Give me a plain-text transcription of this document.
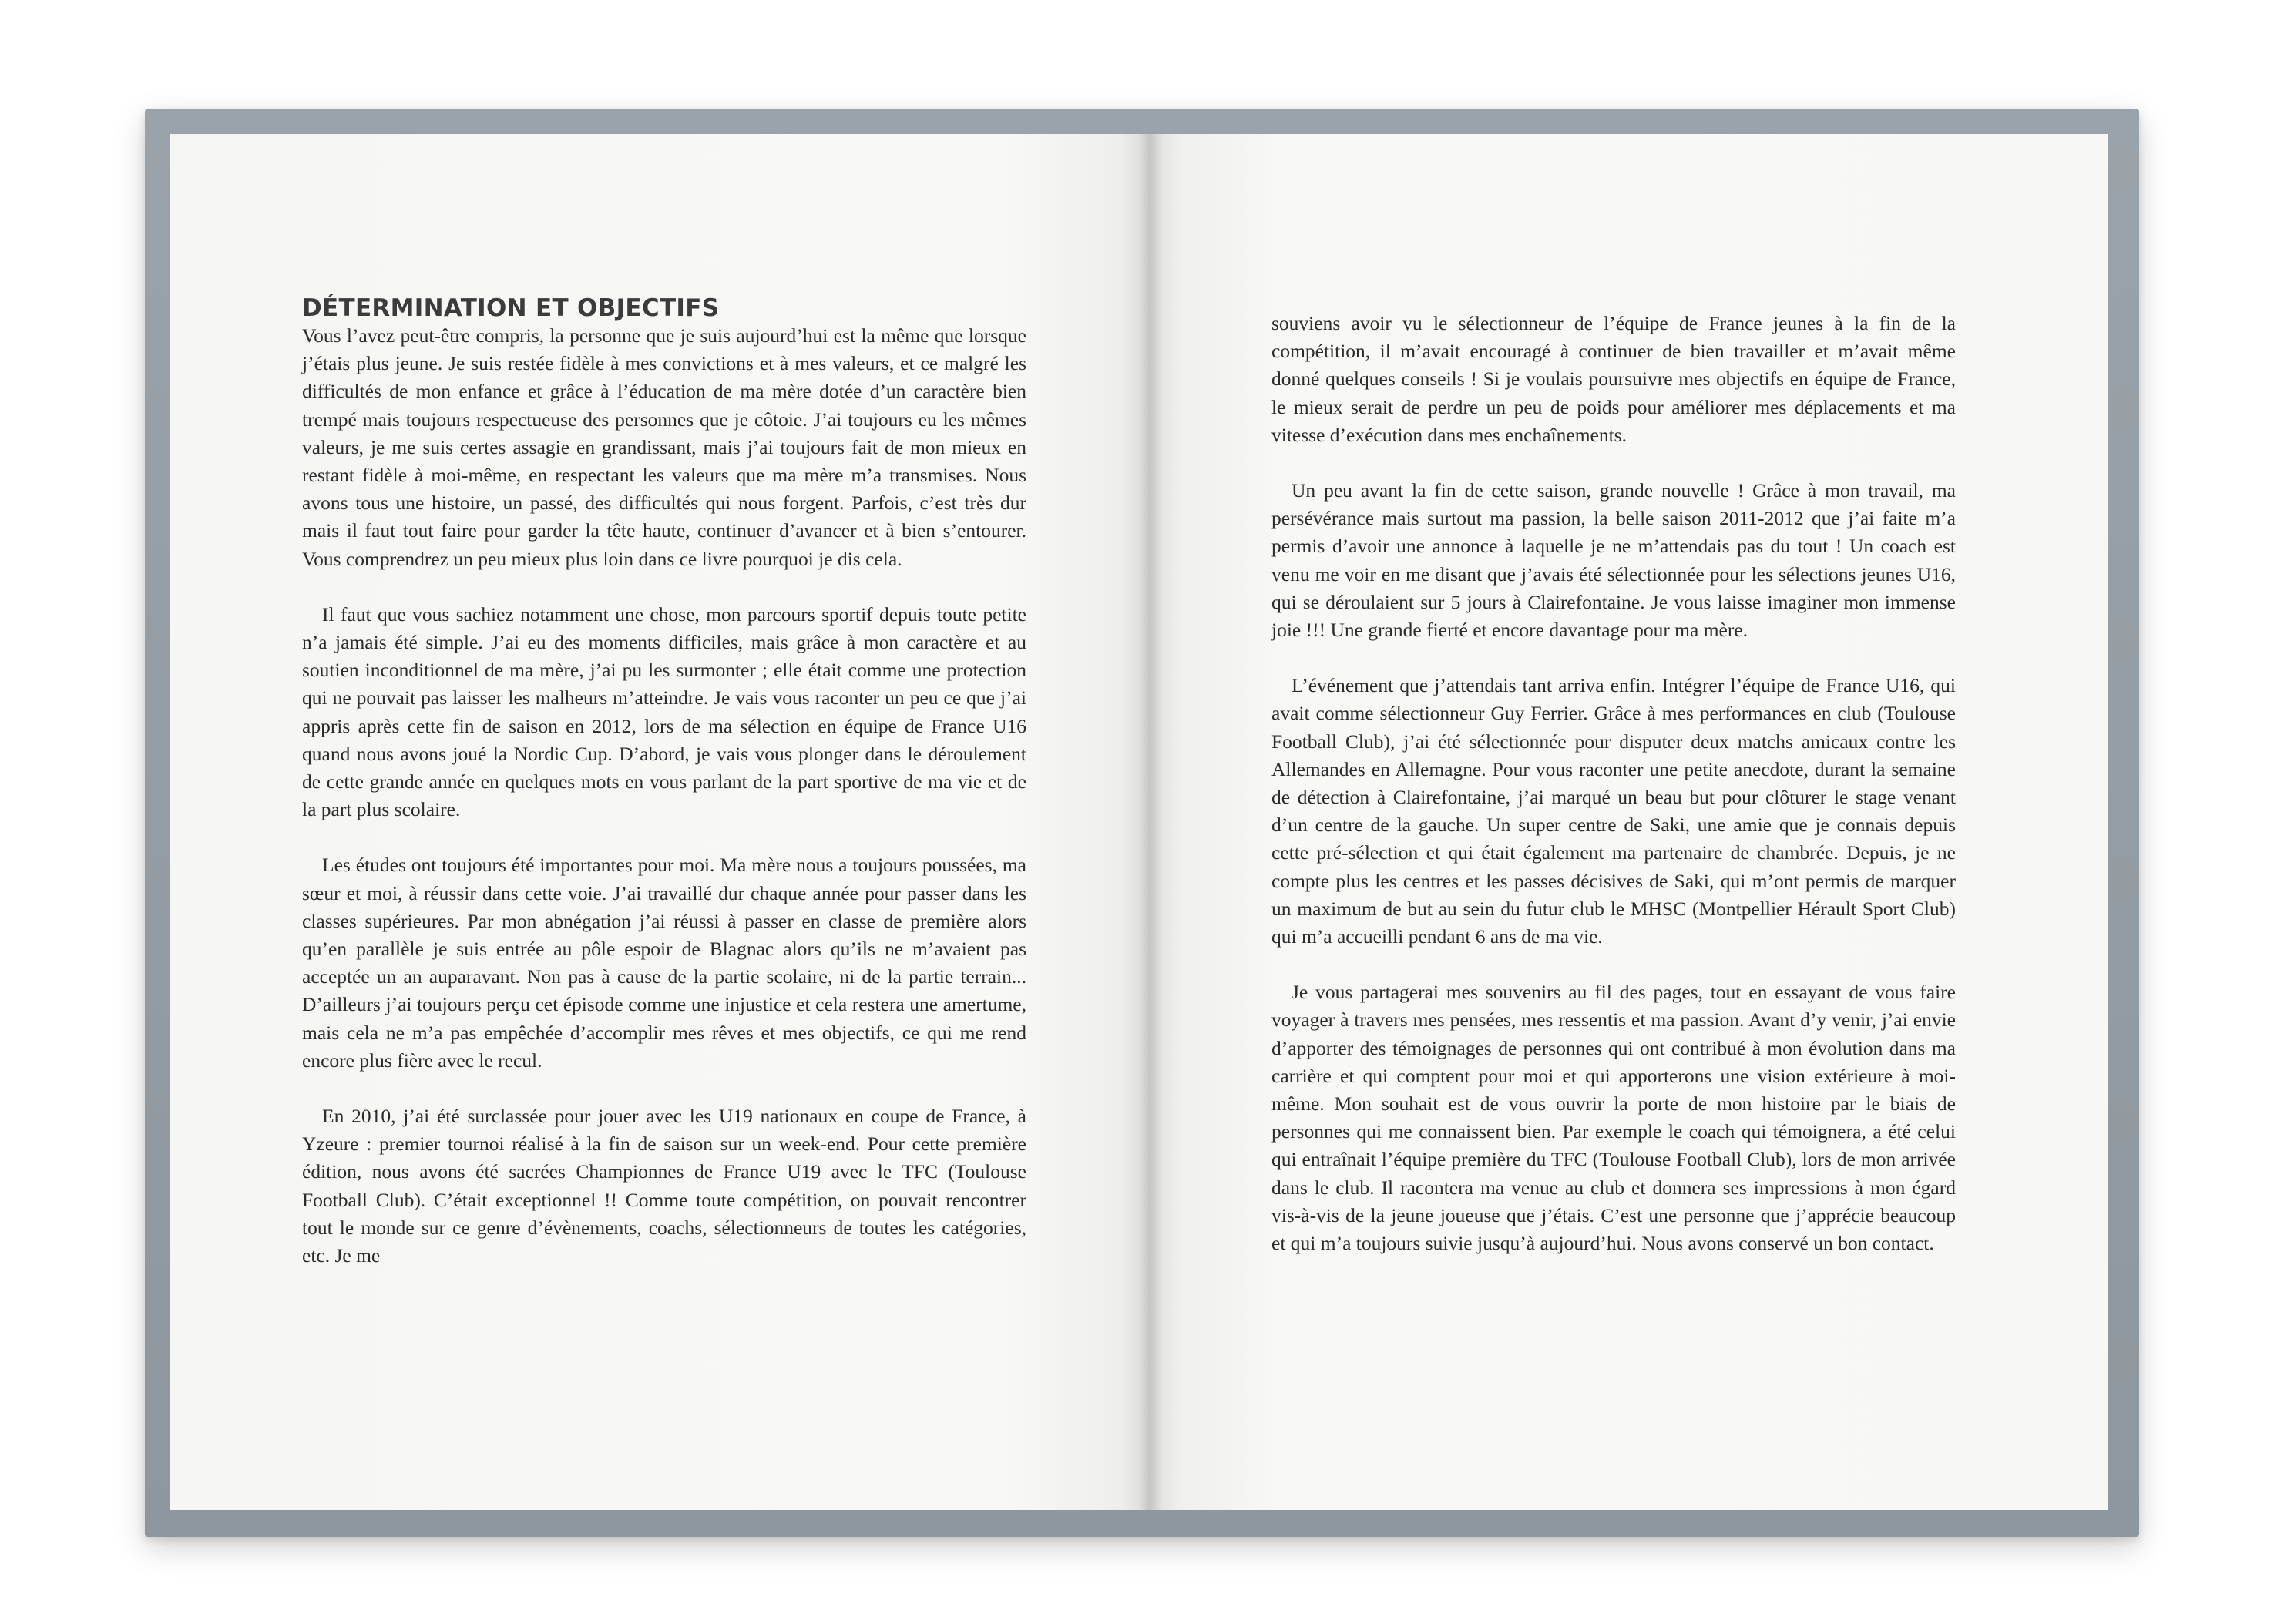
DÉTERMINATION ET OBJECTIFS

Vous l’avez peut-être compris, la personne que je suis aujourd’hui est la même que lorsque j’étais plus jeune. Je suis restée fidèle à mes convictions et à mes valeurs, et ce malgré les difficultés de mon enfance et grâce à l’éducation de ma mère dotée d’un caractère bien trempé mais toujours respectueuse des personnes que je côtoie. J’ai toujours eu les mêmes valeurs, je me suis certes assagie en grandissant, mais j’ai toujours fait de mon mieux en restant fidèle à moi-même, en respectant les valeurs que ma mère m’a transmises. Nous avons tous une histoire, un passé, des difficultés qui nous forgent. Parfois, c’est très dur mais il faut tout faire pour garder la tête haute, continuer d’avancer et à bien s’entourer. Vous comprendrez un peu mieux plus loin dans ce livre pourquoi je dis cela.

Il faut que vous sachiez notamment une chose, mon parcours sportif depuis toute petite n’a jamais été simple. J’ai eu des moments difficiles, mais grâce à mon caractère et au soutien inconditionnel de ma mère, j’ai pu les surmonter ; elle était comme une protection qui ne pouvait pas laisser les malheurs m’atteindre. Je vais vous raconter un peu ce que j’ai appris après cette fin de saison en 2012, lors de ma sélection en équipe de France U16 quand nous avons joué la Nordic Cup. D’abord, je vais vous plonger dans le déroulement de cette grande année en quelques mots en vous parlant de la part sportive de ma vie et de la part plus scolaire.

Les études ont toujours été importantes pour moi. Ma mère nous a toujours poussées, ma sœur et moi, à réussir dans cette voie. J’ai travaillé dur chaque année pour passer dans les classes supérieures. Par mon abnégation j’ai réussi à passer en classe de première alors qu’en parallèle je suis entrée au pôle espoir de Blagnac alors qu’ils ne m’avaient pas acceptée un an auparavant. Non pas à cause de la partie scolaire, ni de la partie terrain... D’ailleurs j’ai toujours perçu cet épisode comme une injustice et cela restera une amertume, mais cela ne m’a pas empêchée d’accomplir mes rêves et mes objectifs, ce qui me rend encore plus fière avec le recul.

En 2010, j’ai été surclassée pour jouer avec les U19 nationaux en coupe de France, à Yzeure : premier tournoi réalisé à la fin de saison sur un week-end. Pour cette première édition, nous avons été sacrées Championnes de France U19 avec le TFC (Toulouse Football Club). C’était exceptionnel !! Comme toute compétition, on pouvait rencontrer tout le monde sur ce genre d’évènements, coachs, sélectionneurs de toutes les catégories, etc. Je me

souviens avoir vu le sélectionneur de l’équipe de France jeunes à la fin de la compétition, il m’avait encouragé à continuer de bien travailler et m’avait même donné quelques conseils ! Si je voulais poursuivre mes objectifs en équipe de France, le mieux serait de perdre un peu de poids pour améliorer mes déplacements et ma vitesse d’exécution dans mes enchaînements.

Un peu avant la fin de cette saison, grande nouvelle ! Grâce à mon travail, ma persévérance mais surtout ma passion, la belle saison 2011-2012 que j’ai faite m’a permis d’avoir une annonce à laquelle je ne m’attendais pas du tout ! Un coach est venu me voir en me disant que j’avais été sélectionnée pour les sélections jeunes U16, qui se déroulaient sur 5 jours à Clairefontaine. Je vous laisse imaginer mon immense joie !!! Une grande fierté et encore davantage pour ma mère.

L’événement que j’attendais tant arriva enfin. Intégrer l’équipe de France U16, qui avait comme sélectionneur Guy Ferrier. Grâce à mes performances en club (Toulouse Football Club), j’ai été sélectionnée pour disputer deux matchs amicaux contre les Allemandes en Allemagne. Pour vous raconter une petite anecdote, durant la semaine de détection à Clairefontaine, j’ai marqué un beau but pour clôturer le stage venant d’un centre de la gauche. Un super centre de Saki, une amie que je connais depuis cette pré-sélection et qui était également ma partenaire de chambrée. Depuis, je ne compte plus les centres et les passes décisives de Saki, qui m’ont permis de marquer un maximum de but au sein du futur club le MHSC (Montpellier Hérault Sport Club) qui m’a accueilli pendant 6 ans de ma vie.

Je vous partagerai mes souvenirs au fil des pages, tout en essayant de vous faire voyager à travers mes pensées, mes ressentis et ma passion. Avant d’y venir, j’ai envie d’apporter des témoignages de personnes qui ont contribué à mon évolution dans ma carrière et qui comptent pour moi et qui apporterons une vision extérieure à moi-même. Mon souhait est de vous ouvrir la porte de mon histoire par le biais de personnes qui me connaissent bien. Par exemple le coach qui témoignera, a été celui qui entraînait l’équipe première du TFC (Toulouse Football Club), lors de mon arrivée dans le club. Il racontera ma venue au club et donnera ses impressions à mon égard vis-à-vis de la jeune joueuse que j’étais. C’est une personne que j’apprécie beaucoup et qui m’a toujours suivie jusqu’à aujourd’hui. Nous avons conservé un bon contact.
